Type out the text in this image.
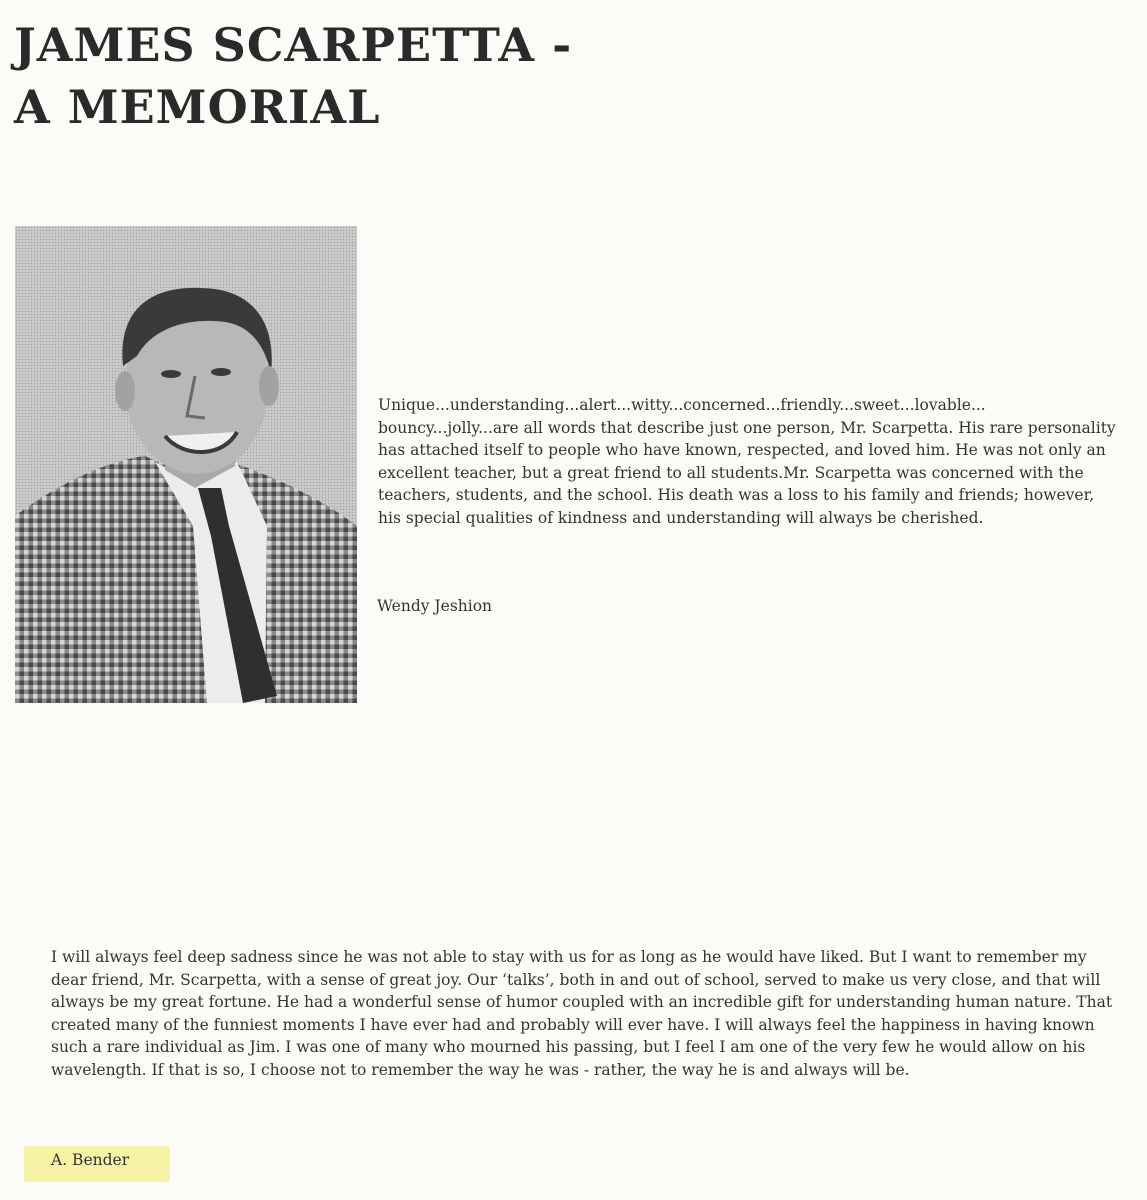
JAMES SCARPETTA -
A MEMORIAL

Unique...understanding...alert...witty...concerned...friendly...sweet...lovable... bouncy...jolly...are all words that describe just one person, Mr. Scarpetta. His rare personality has attached itself to people who have known, respected, and loved him. He was not only an excellent teacher, but a great friend to all students.Mr. Scarpetta was concerned with the teachers, students, and the school. His death was a loss to his family and friends; however, his special qualities of kindness and understanding will always be cherished.

Wendy Jeshion

I will always feel deep sadness since he was not able to stay with us for as long as he would have liked. But I want to remember my dear friend, Mr. Scarpetta, with a sense of great joy. Our ‘talks’, both in and out of school, served to make us very close, and that will always be my great fortune. He had a wonderful sense of humor coupled with an incredible gift for understanding human nature. That created many of the funniest moments I have ever had and probably will ever have. I will always feel the happiness in having known such a rare individual as Jim. I was one of many who mourned his passing, but I feel I am one of the very few he would allow on his wavelength. If that is so, I choose not to remember the way he was - rather, the way he is and always will be.

A. Bender
